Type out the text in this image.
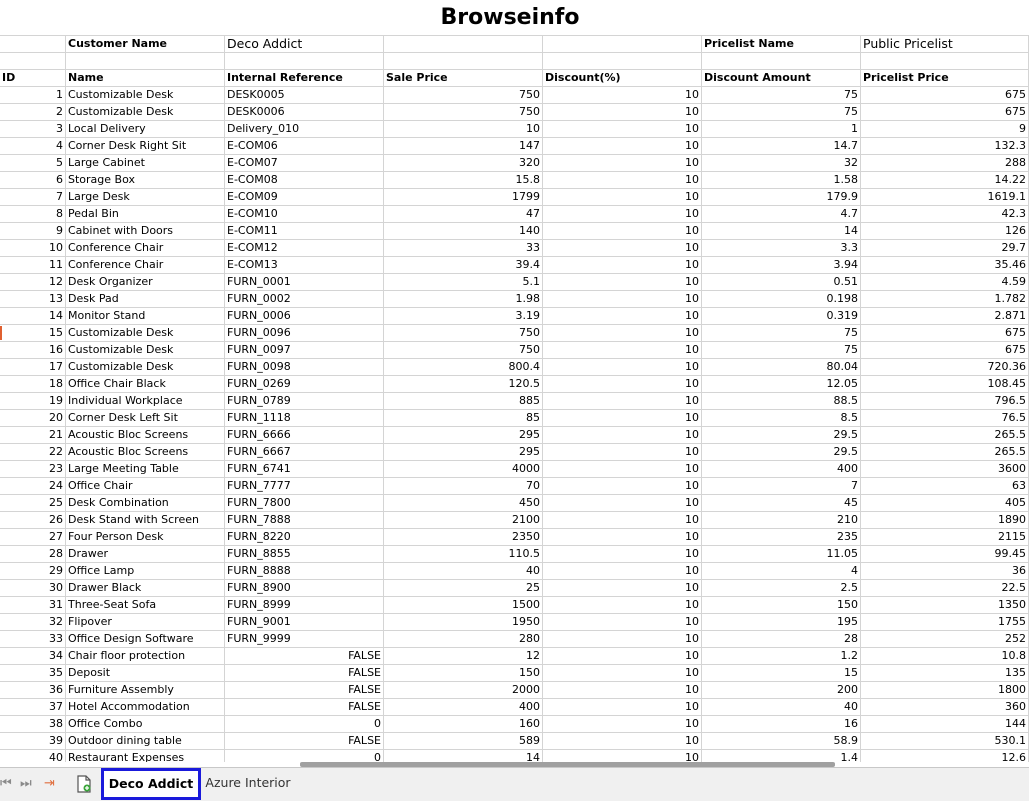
Browseinfo
Customer Name	Deco Addict	Pricelist Name	Public Pricelist
ID	Name	Internal Reference	Sale Price	Discount(%)	Discount Amount	Pricelist Price
1 Customizable Desk	DESK0005	750	10	75	675
2 Customizable Desk	DESK0006	750	10	75	675
3 Local Delivery	Delivery_010	10	10	1	9
4 Corner Desk Right Sit	E-COM06	147	10	14.7	132.3
5 Large Cabinet	E-COM07	320	10	32	288
6 Storage Box	E-COM08	15.8	10	1.58	14.22
7 Large Desk	E-COM09	1799	10	179.9	1619.1
8 Pedal Bin	E-COM10	47	10	4.7	42.3
9 Cabinet with Doors	E-COM11	140	10	14	126
10 Conference Chair	E-COM12	33	10	3.3	29.7
11 Conference Chair	E-COM13	39.4	10	3.94	35.46
12 Desk Organizer	FURN_0001	5.1	10	0.51	4.59
13 Desk Pad	FURN_0002	1.98	10	0.198	1.782
14 Monitor Stand	FURN_0006	3.19	10	0.319	2.871
15 Customizable Desk	FURN_0096	750	10	75	675
16 Customizable Desk	FURN_0097	750	10	75	675
17 Customizable Desk	FURN_0098	800.4	10	80.04	720.36
18 Office Chair Black	FURN_0269	120.5	10	12.05	108.45
19 Individual Workplace	FURN_0789	885	10	88.5	796.5
20 Corner Desk Left Sit	FURN_1118	85	10	8.5	76.5
21 Acoustic Bloc Screens	FURN_6666	295	10	29.5	265.5
22 Acoustic Bloc Screens	FURN_6667	295	10	29.5	265.5
23 Large Meeting Table	FURN_6741	4000	10	400	3600
24 Office Chair	FURN_7777	70	10	7	63
25 Desk Combination	FURN_7800	450	10	45	405
26 Desk Stand with Screen	FURN_7888	2100	10	210	1890
27 Four Person Desk	FURN_8220	2350	10	235	2115
28 Drawer	FURN_8855	110.5	10	11.05	99.45
29 Office Lamp	FURN_8888	40	10	4	36
30 Drawer Black	FURN_8900	25	10	2.5	22.5
31 Three-Seat Sofa	FURN_8999	1500	10	150	1350
32 Flipover	FURN_9001	1950	10	195	1755
33 Office Design Software	FURN_9999	280	10	28	252
34 Chair floor protection	FALSE	12	10	1.2	10.8
35 Deposit	FALSE	150	10	15	135
36 Furniture Assembly	FALSE	2000	10	200	1800
37 Hotel Accommodation	FALSE	400	10	40	360
38 Office Combo	0	160	10	16	144
39 Outdoor dining table	FALSE	589	10	58.9	530.1
40 Restaurant Expenses	0	14	10	1.4	12.6
⏮ ⏭ ⇥	Deco Addict Azure Interior
